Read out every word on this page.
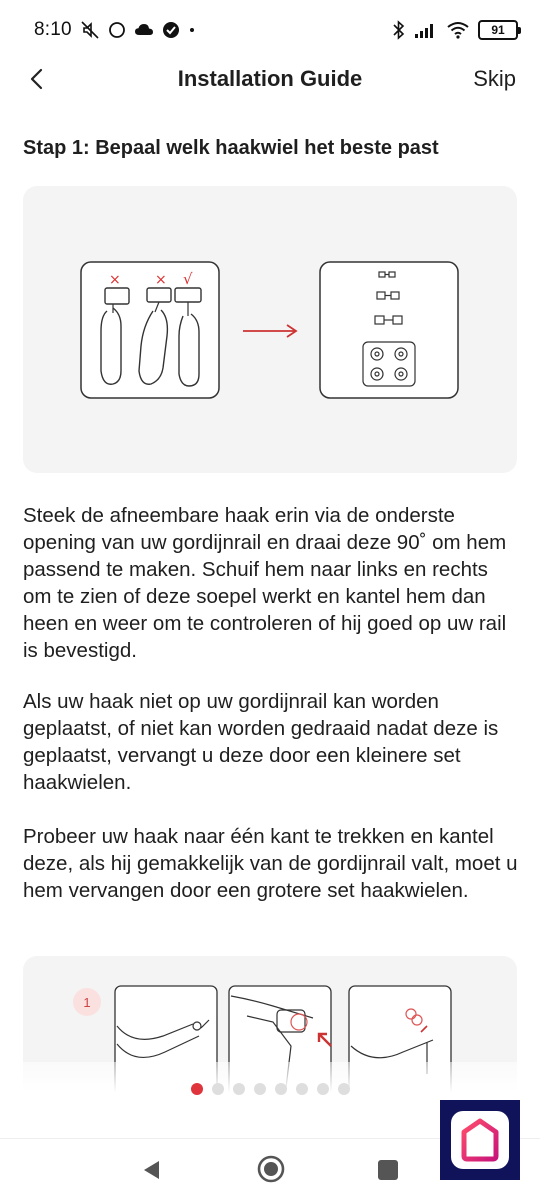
8:10	91
Installation Guide	Skip
Stap 1: Bepaal welk haakwiel het beste past
× × √
Steek de afneembare haak erin via de onderste opening van uw gordijnrail en draai deze 90˚ om hem passend te maken. Schuif hem naar links en rechts om te zien of deze soepel werkt en kantel hem dan heen en weer om te controleren of hij goed op uw rail is bevestigd.
Als uw haak niet op uw gordijnrail kan worden geplaatst, of niet kan worden gedraaid nadat deze is geplaatst, vervangt u deze door een kleinere set haakwielen.
Probeer uw haak naar één kant te trekken en kantel deze, als hij gemakkelijk van de gordijnrail valt, moet u hem vervangen door een grotere set haakwielen.
1
